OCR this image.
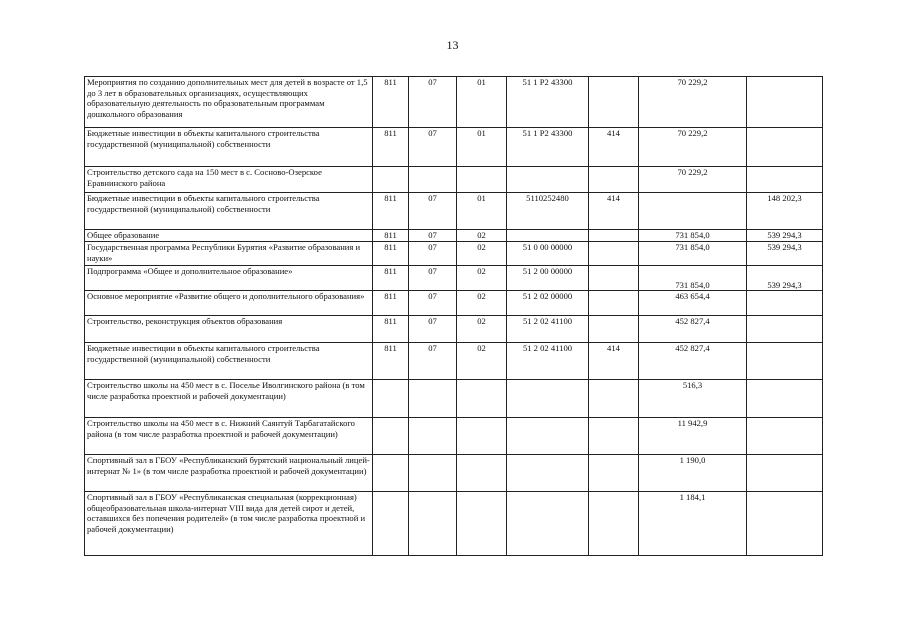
13
Мероприятия по созданию дополнительных мест для детей в возрасте от 1,5 до 3 лет в образовательных организациях, осуществляющих образовательную деятельность по образовательным программам дошкольного образования	811	07	01	51 1 P2 43300		70 229,2	
Бюджетные инвестиции в объекты капитального строительства государственной (муниципальной) собственности	811	07	01	51 1 P2 43300	414	70 229,2	
Строительство детского сада на 150 мест в с. Сосново-Озерское Еравнинского района						70 229,2	
Бюджетные инвестиции в объекты капитального строительства государственной (муниципальной) собственности	811	07	01	5110252480	414		148 202,3
Общее образование	811	07	02			731 854,0	539 294,3
Государственная программа Республики Бурятия «Развитие образования и науки»	811	07	02	51 0 00 00000		731 854,0	539 294,3
Подпрограмма «Общее и дополнительное образование»	811	07	02	51 2 00 00000		731 854,0	539 294,3
Основное мероприятие «Развитие общего и дополнительного образования»	811	07	02	51 2 02 00000		463 654,4	
Строительство, реконструкция объектов образования	811	07	02	51 2 02 41100		452 827,4	
Бюджетные инвестиции в объекты капитального строительства государственной (муниципальной) собственности	811	07	02	51 2 02 41100	414	452 827,4	
Строительство школы на 450 мест в с. Поселье Иволгинского района (в том числе разработка проектной и рабочей документации)						516,3	
Строительство школы на 450 мест в с. Нижний Саянтуй Тарбагатайского района (в том числе разработка проектной и рабочей документации)						11 942,9	
Спортивный зал в ГБОУ «Республиканский бурятский национальный лицей-интернат № 1» (в том числе разработка проектной и рабочей документации)						1 190,0	
Спортивный зал в ГБОУ «Республиканская специальная (коррекционная) общеобразовательная школа-интернат VIII вида для детей сирот и детей, оставшихся без попечения родителей» (в том числе разработка проектной и рабочей документации)						1 184,1	
